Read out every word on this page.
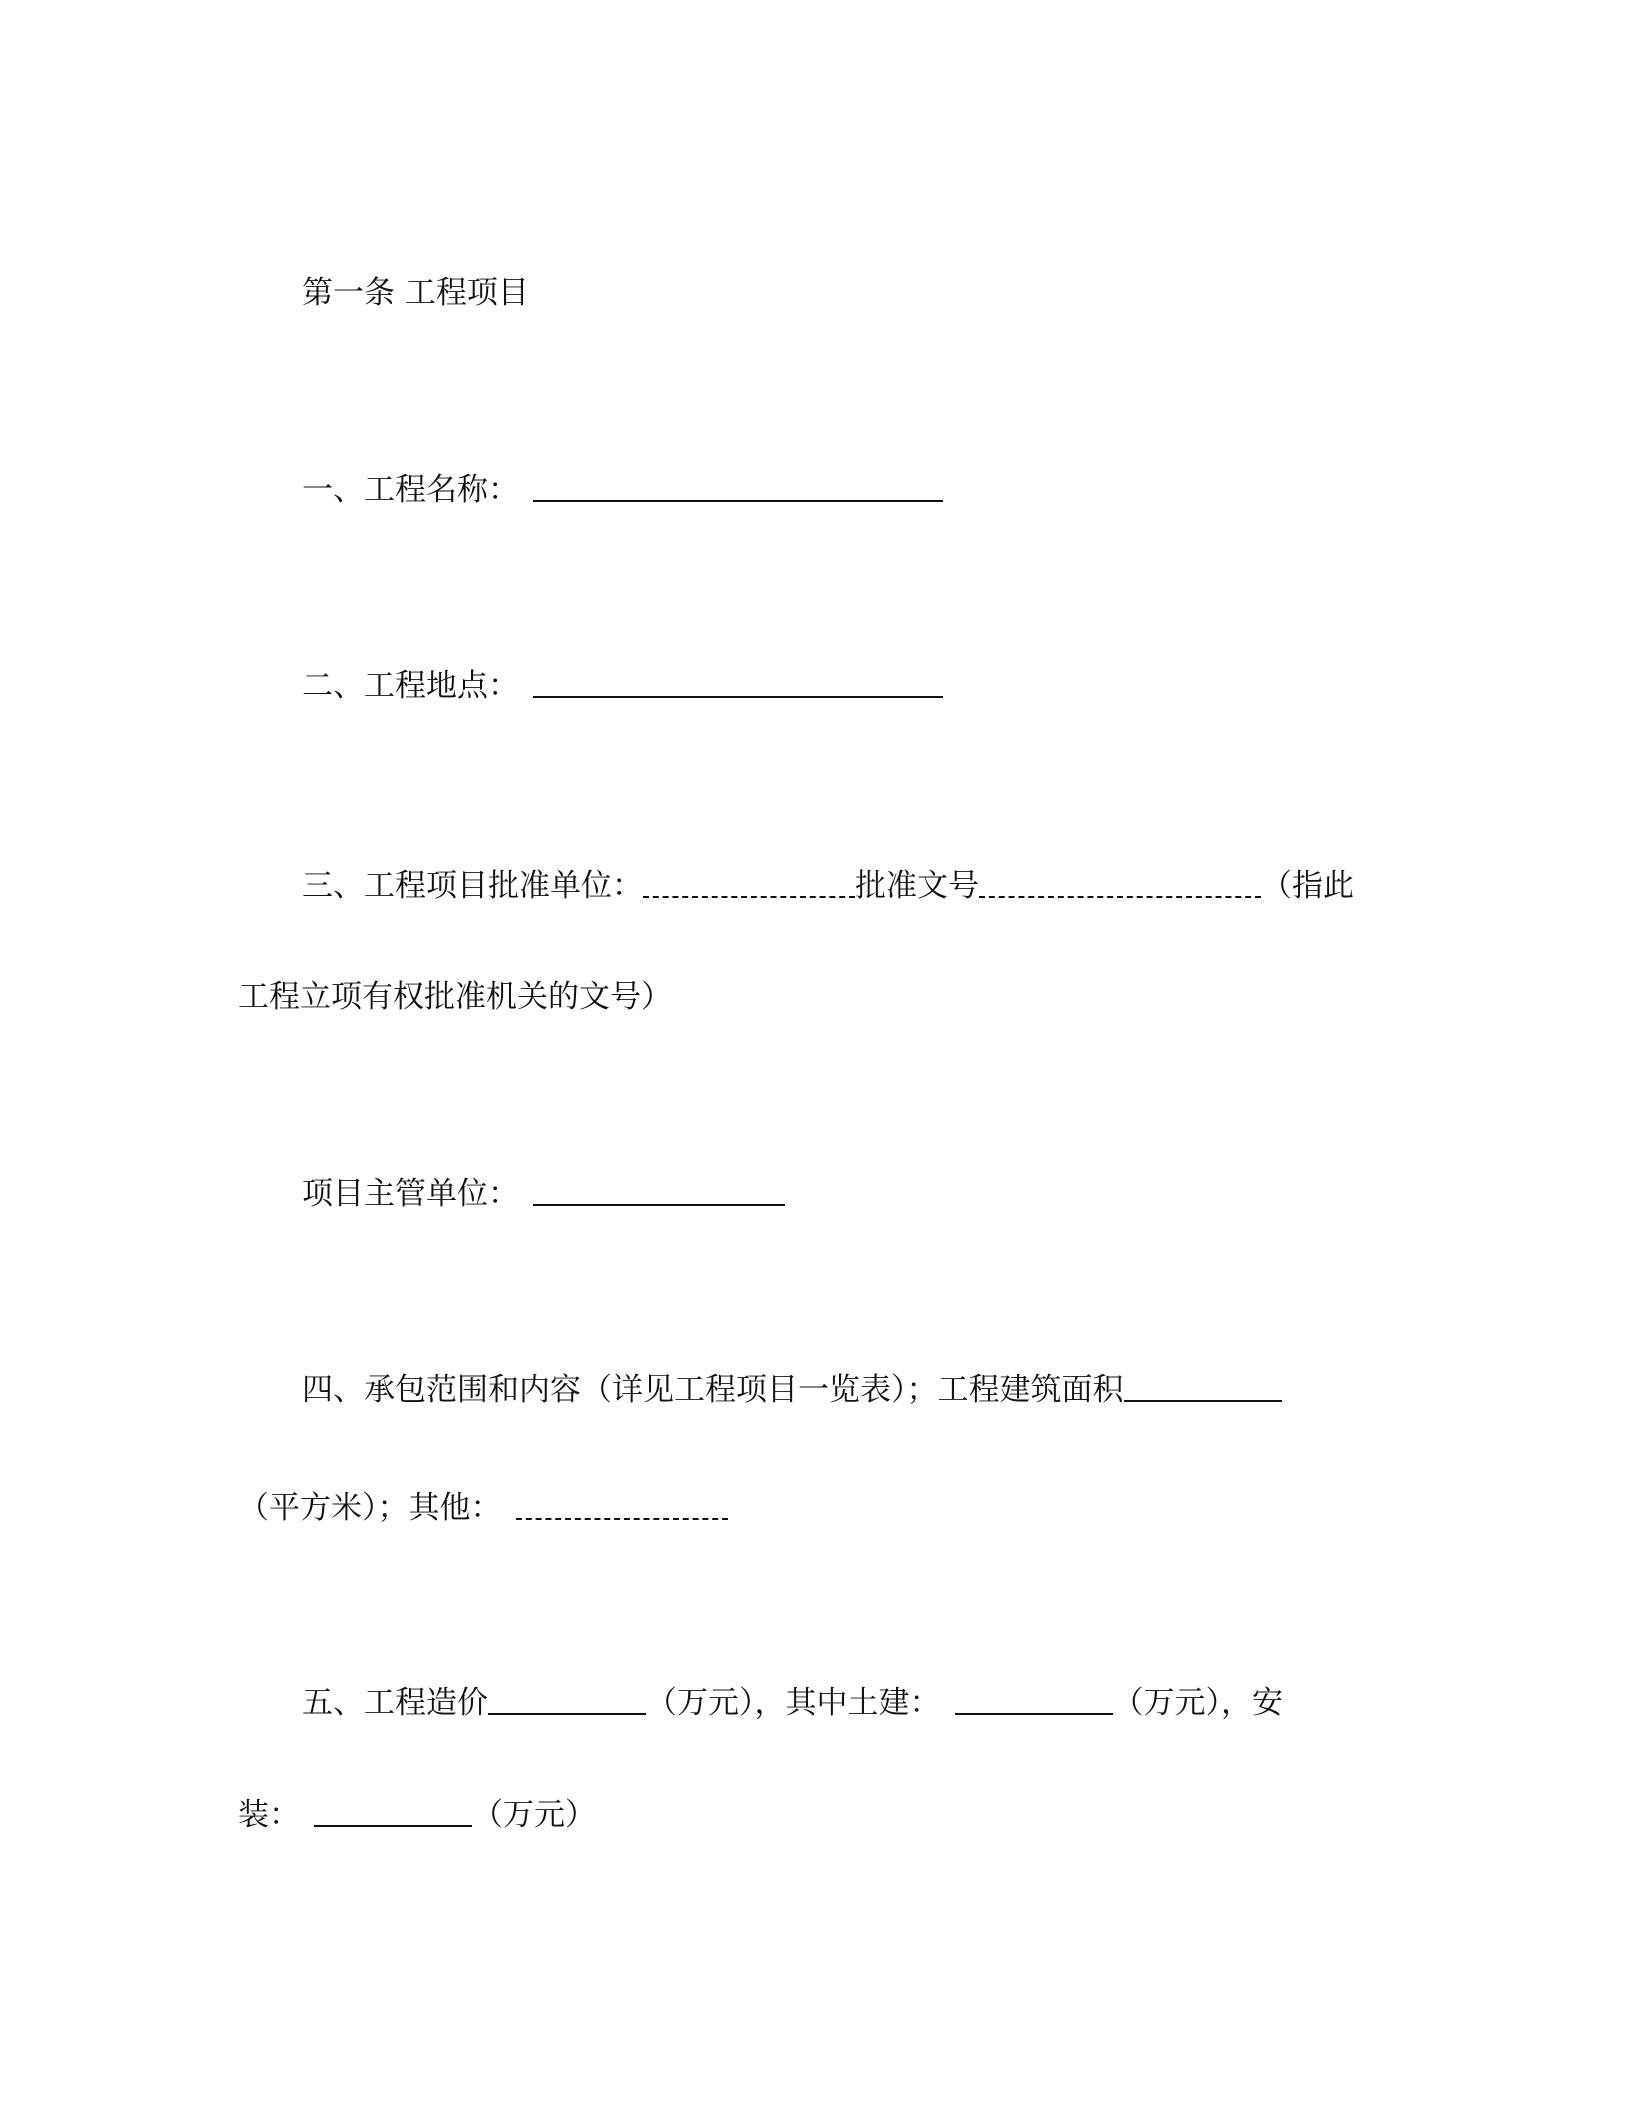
第一条 工程项目
一、工程名称：
二、工程地点：
三、工程项目批准单位：	批准文号	（指此
工程立项有权批准机关的文号）
项目主管单位：
四、承包范围和内容（详见工程项目一览表）；工程建筑面积
（平方米）；其他：
五、工程造价	（万元），其中土建：	（万元），安
装：	（万元）
